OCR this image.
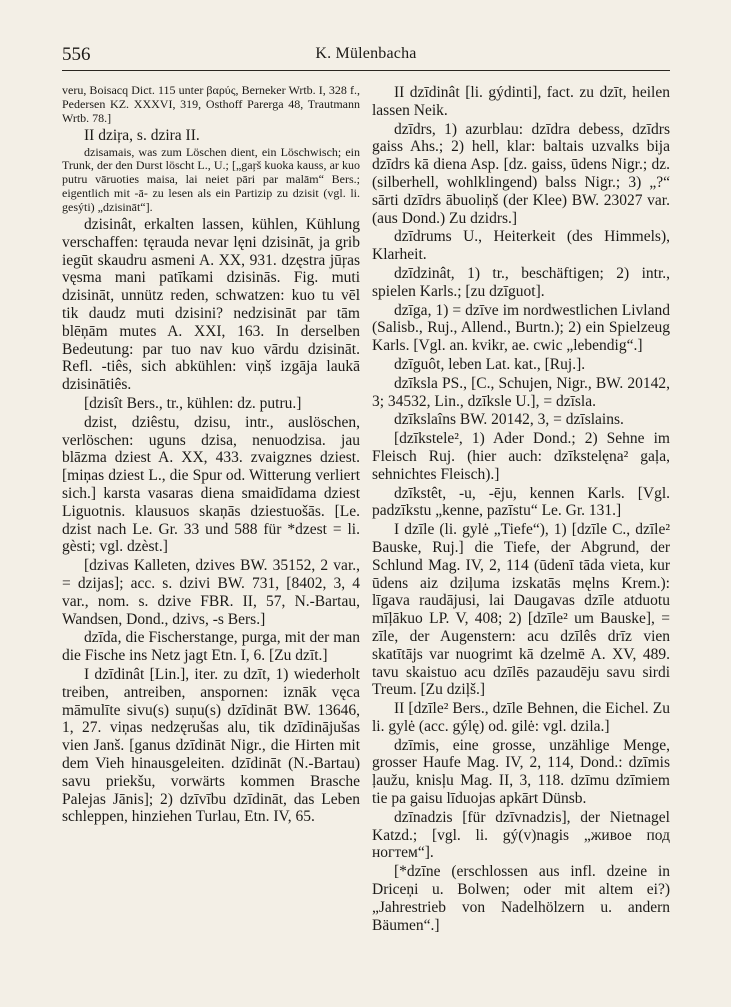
556	K. Mülenbacha

veru, Boisacq Dict. 115 unter βαρύς, Berneker Wrtb. I, 328 f., Pedersen KZ. XXXVI, 319, Osthoff Parerga 48, Trautmann Wrtb. 78.]

II dziŗa, s. dzira II.

dzisamais, was zum Löschen dient, ein Löschwisch; ein Trunk, der den Durst löscht L., U.; [„gaŗš kuoka kauss, ar kuo putru vāruoties maisa, lai neiet pāri par malām“ Bers.; eigentlich mit -ā- zu lesen als ein Partizip zu dzisit (vgl. li. gesýti) „dzisināt“].

dzisinât, erkalten lassen, kühlen, Kühlung verschaffen: tęrauda nevar lęni dzisināt, ja grib iegūt skaudru asmeni A. XX, 931. dzęstra jūŗas vęsma mani patīkami dzisinās. Fig. muti dzisināt, unnütz reden, schwatzen: kuo tu vēl tik daudz muti dzisini? nedzisināt par tām blēņām mutes A. XXI, 163. In derselben Bedeutung: par tuo nav kuo vārdu dzisināt. Refl. -tiês, sich abkühlen: viņš izgāja laukā dzisinātiês.

[dzisît Bers., tr., kühlen: dz. putru.]

dzist, dziêstu, dzisu, intr., auslöschen, verlöschen: uguns dzisa, nenuodzisa. jau blāzma dziest A. XX, 433. zvaigznes dziest. [miņas dziest L., die Spur od. Witterung verliert sich.] karsta vasaras diena smaidīdama dziest Liguotnis. klausuos skaņās dziestuošās. [Le. dzist nach Le. Gr. 33 und 588 für *dzest = li. gèsti; vgl. dzèst.]

[dzivas Kalleten, dzives BW. 35152, 2 var., = dzijas]; acc. s. dzivi BW. 731, [8402, 3, 4 var., nom. s. dzive FBR. II, 57, N.-Bartau, Wandsen, Dond., dzivs, -s Bers.]

dzīda, die Fischerstange, purga, mit der man die Fische ins Netz jagt Etn. I, 6. [Zu dzīt.]

I dzīdinât [Lin.], iter. zu dzīt, 1) wiederholt treiben, antreiben, anspornen: iznāk vęca māmulīte sivu(s) suņu(s) dzīdināt BW. 13646, 1, 27. viņas nedzęrušas alu, tik dzīdinājušas vien Janš. [ganus dzīdināt Nigr., die Hirten mit dem Vieh hinausgeleiten. dzīdināt (N.-Bartau) savu priekšu, vorwärts kommen Brasche Palejas Jānis]; 2) dzīvību dzīdināt, das Leben schleppen, hinziehen Turlau, Etn. IV, 65.

II dzīdinât [li. gýdinti], fact. zu dzīt, heilen lassen Neik.

dzīdrs, 1) azurblau: dzīdra debess, dzīdrs gaiss Ahs.; 2) hell, klar: baltais uzvalks bija dzīdrs kā diena Asp. [dz. gaiss, ūdens Nigr.; dz. (silberhell, wohlklingend) balss Nigr.; 3) „?“ sārti dzīdrs ābuoliņš (der Klee) BW. 23027 var. (aus Dond.) Zu dzidrs.]

dzīdrums U., Heiterkeit (des Himmels), Klarheit.

dzīdzinât, 1) tr., beschäftigen; 2) intr., spielen Karls.; [zu dzīguot].

dzīga, 1) = dzīve im nordwestlichen Livland (Salisb., Ruj., Allend., Burtn.); 2) ein Spielzeug Karls. [Vgl. an. kvikr, ae. cwic „lebendig“.]

dzīguôt, leben Lat. kat., [Ruj.].

dzīksla PS., [C., Schujen, Nigr., BW. 20142, 3; 34532, Lin., dzīksle U.], = dzīsla.

dzīkslaîns BW. 20142, 3, = dzīslains.

[dzīkstele², 1) Ader Dond.; 2) Sehne im Fleisch Ruj. (hier auch: dzīkstelęna² gaļa, sehnichtes Fleisch).]

dzīkstêt, -u, -ēju, kennen Karls. [Vgl. padzīkstu „kenne, pazīstu“ Le. Gr. 131.]

I dzīle (li. gylė „Tiefe“), 1) [dzīle C., dzīle² Bauske, Ruj.] die Tiefe, der Abgrund, der Schlund Mag. IV, 2, 114 (ūdenī tāda vieta, kur ūdens aiz dziļuma izskatās męlns Krem.): līgava raudājusi, lai Daugavas dzīle atduotu mīļākuo LP. V, 408; 2) [dzīle² um Bauske], = zīle, der Augenstern: acu dzīlês drīz vien skatītājs var nuogrimt kā dzelmē A. XV, 489. tavu skaistuo acu dzīlēs pazaudēju savu sirdi Treum. [Zu dziļš.]

II [dzīle² Bers., dzīle Behnen, die Eichel. Zu li. gylė (acc. gýlę) od. gilė: vgl. dzila.]

dzīmis, eine grosse, unzählige Menge, grosser Haufe Mag. IV, 2, 114, Dond.: dzīmis ļaužu, knisļu Mag. II, 3, 118. dzīmu dzīmiem tie pa gaisu līduojas apkārt Dünsb.

dzīnadzis [für dzīvnadzis], der Nietnagel Katzd.; [vgl. li. gý(v)nagis „живое под ногтем“].

[*dzīne (erschlossen aus infl. dzeine in Driceņi u. Bolwen; oder mit altem ei?) „Jahrestrieb von Nadelhölzern u. andern Bäumen“.]
